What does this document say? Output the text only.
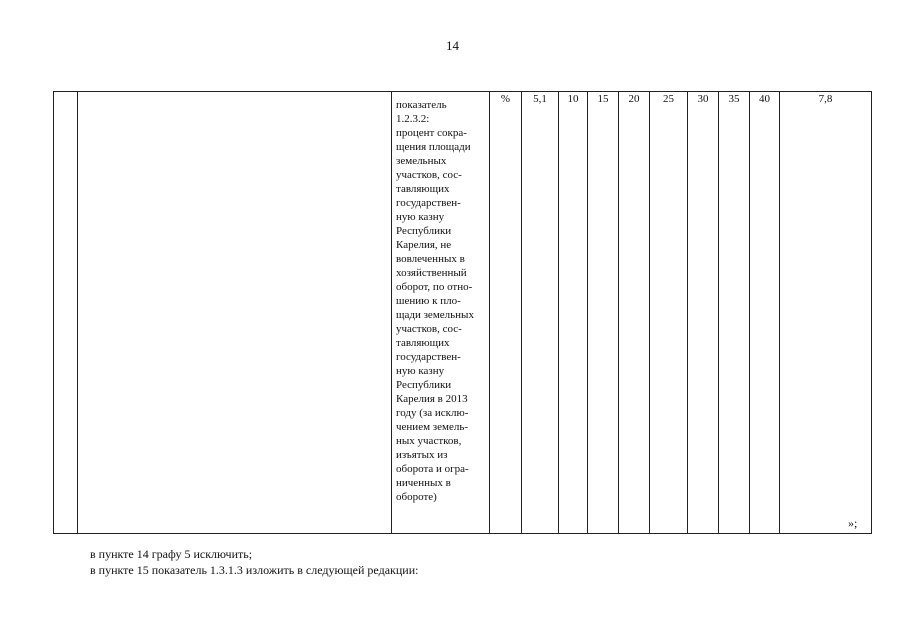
14

показатель
1.2.3.2:
процент сокра-
щения площади
земельных
участков, сос-
тавляющих
государствен-
ную казну
Республики
Карелия, не
вовлеченных в
хозяйственный
оборот, по отно-
шению к пло-
щади земельных
участков, сос-
тавляющих
государствен-
ную казну
Республики
Карелия в 2013
году (за исклю-
чением земель-
ных участков,
изъятых из
оборота и огра-
ниченных в
обороте)
	%	5,1	10	15	20	25	30	35	40	7,8
»;
в пункте 14 графу 5 исключить;
в пункте 15 показатель 1.3.1.3 изложить в следующей редакции:
